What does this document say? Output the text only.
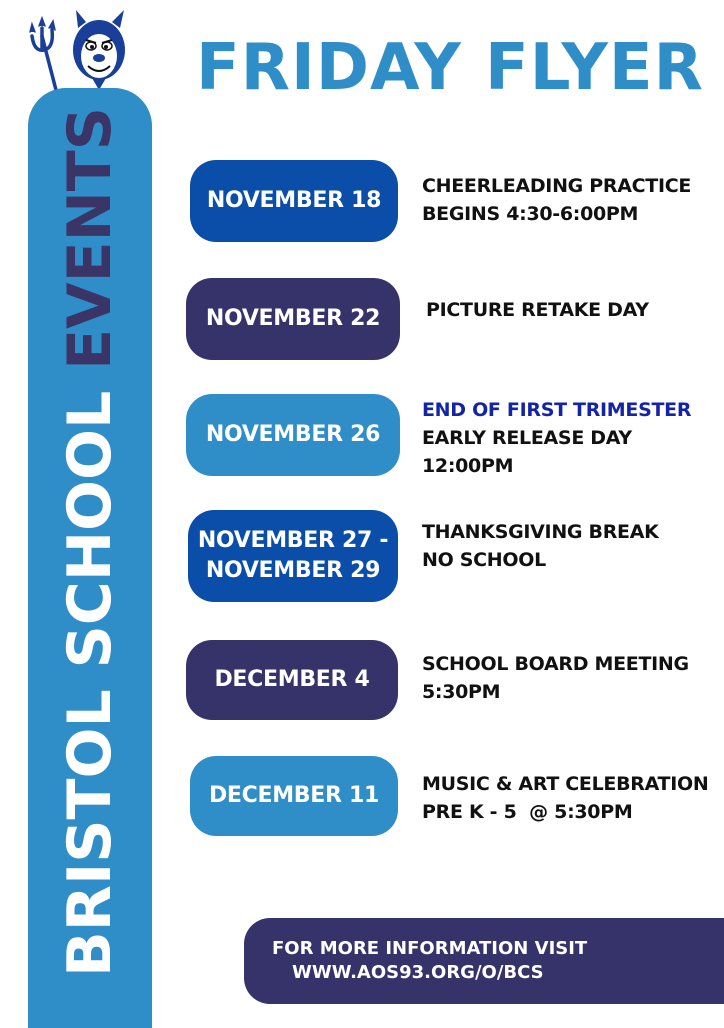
BRISTOL SCHOOL EVENTS
FRIDAY FLYER
NOVEMBER 18
CHEERLEADING PRACTICE
BEGINS 4:30-6:00PM
NOVEMBER 22 PICTURE RETAKE DAY
NOVEMBER 26
END OF FIRST TRIMESTER
EARLY RELEASE DAY
12:00PM
NOVEMBER 27 -
NOVEMBER 29
THANKSGIVING BREAK
NO SCHOOL
DECEMBER 4
SCHOOL BOARD MEETING
5:30PM
DECEMBER 11 MUSIC & ART CELEBRATION
PRE K - 5  @ 5:30PM
FOR MORE INFORMATION VISIT
WWW.AOS93.ORG/O/BCS
